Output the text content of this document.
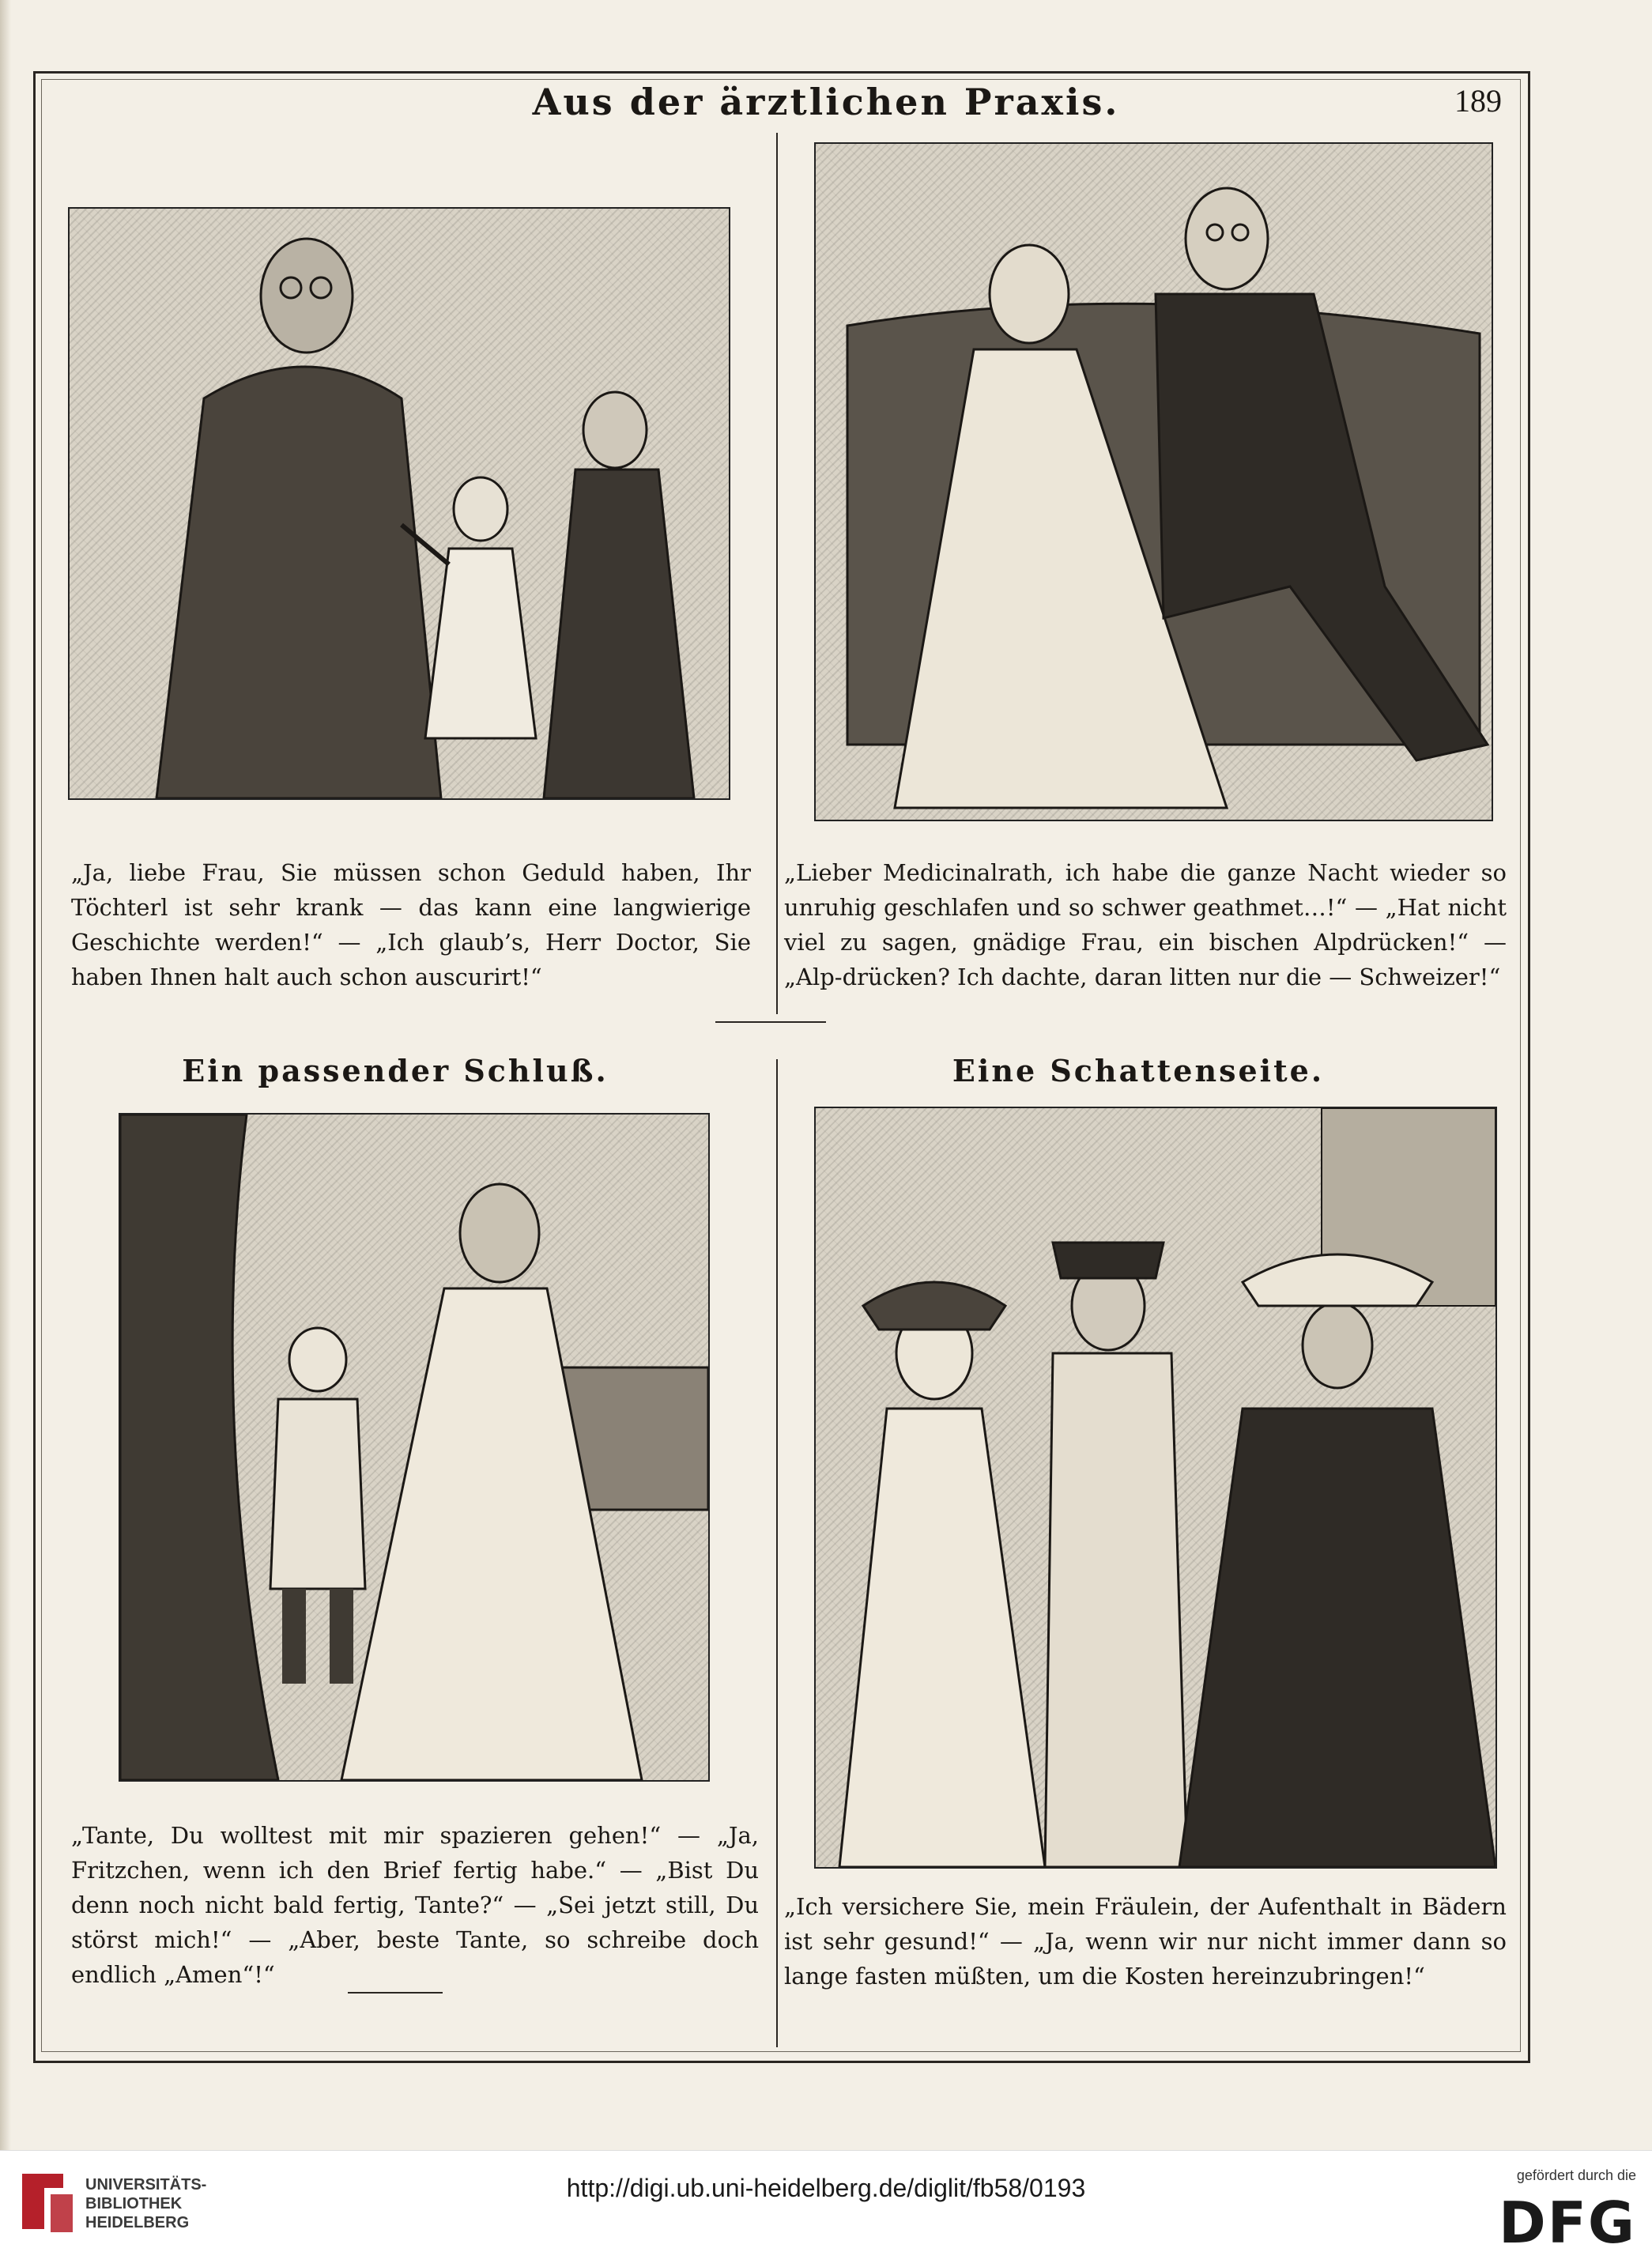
Aus der ärztlichen Praxis.	189
„Ja, liebe Frau, Sie müssen schon Geduld haben, Ihr Töchterl ist sehr krank — das kann eine langwierige Geschichte werden!“ — „Ich glaub’s, Herr Doctor, Sie haben Ihnen halt auch schon auscurirt!“
„Lieber Medicinalrath, ich habe die ganze Nacht wieder so unruhig geschlafen und so schwer geathmet…!“ — „Hat nicht viel zu sagen, gnädige Frau, ein bischen Alpdrücken!“ — „Alp-drücken? Ich dachte, daran litten nur die — Schweizer!“
Ein passender Schluß.
„Tante, Du wolltest mit mir spazieren gehen!“ — „Ja, Fritzchen, wenn ich den Brief fertig habe.“ — „Bist Du denn noch nicht bald fertig, Tante?“ — „Sei jetzt still, Du störst mich!“ — „Aber, beste Tante, so schreibe doch endlich „Amen“!“
Eine Schattenseite.
„Ich versichere Sie, mein Fräulein, der Aufenthalt in Bädern ist sehr gesund!“ — „Ja, wenn wir nur nicht immer dann so lange fasten müßten, um die Kosten hereinzubringen!“
UNIVERSITÄTS-
BIBLIOTHEK
HEIDELBERG
http://digi.ub.uni-heidelberg.de/diglit/fb58/0193	gefördert durch die
DFG
